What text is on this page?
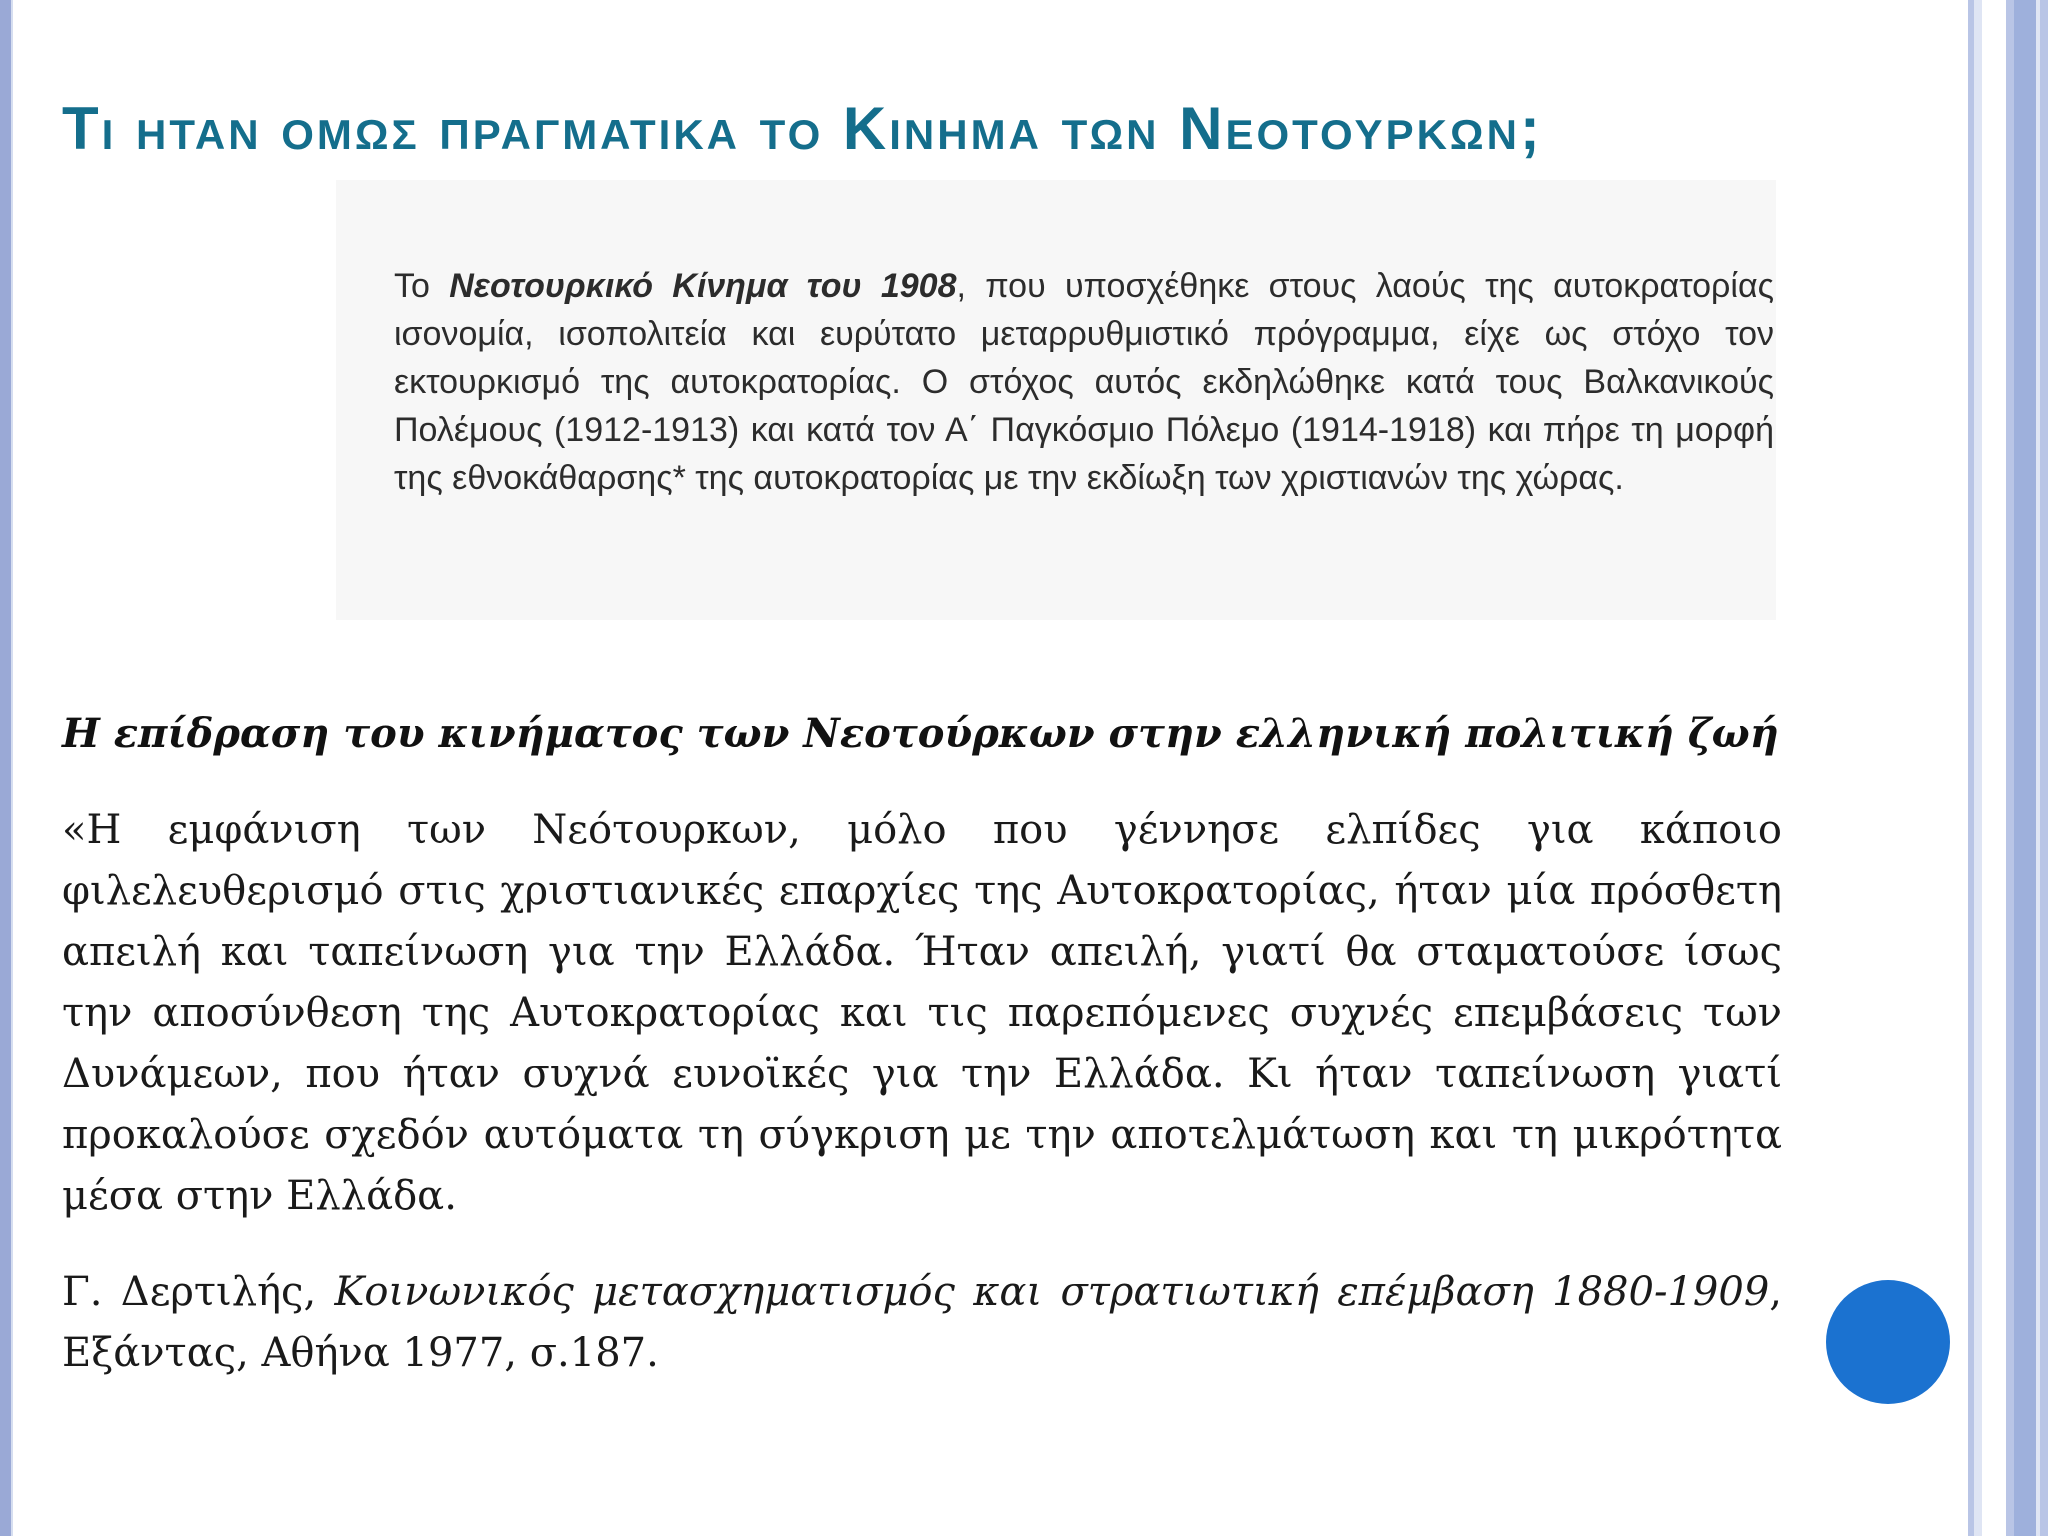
Τι ηταν ομως πραγματικα το Κινημα των Νεοτουρκων;
Το Νεοτουρκικό Κίνημα του 1908, που υποσχέθηκε στους λαούς της αυτοκρατορίας ισονομία, ισοπολιτεία και ευρύτατο μεταρρυθμιστικό πρόγραμμα, είχε ως στόχο τον εκτουρκισμό της αυτοκρατορίας. Ο στόχος αυτός εκδηλώθηκε κατά τους Βαλκανικούς Πολέμους (1912-1913) και κατά τον Α΄ Παγκόσμιο Πόλεμο (1914-1918) και πήρε τη μορφή της εθνοκάθαρσης* της αυτοκρατορίας με την εκδίωξη των χριστιανών της χώρας.
Η επίδραση του κινήματος των Νεοτούρκων στην ελληνική πολιτική ζωή

«Η εμφάνιση των Νεότουρκων, μόλο που γέννησε ελπίδες για κάποιο φιλελευθερισμό στις χριστιανικές επαρχίες της Αυτοκρατορίας, ήταν μία πρόσθετη απειλή και ταπείνωση για την Ελλάδα. Ήταν απειλή, γιατί θα σταματούσε ίσως την αποσύνθεση της Αυτοκρατορίας και τις παρεπόμενες συχνές επεμβάσεις των Δυνάμεων, που ήταν συχνά ευνοϊκές για την Ελλάδα. Κι ήταν ταπείνωση γιατί προκαλούσε σχεδόν αυτόματα τη σύγκριση με την αποτελμάτωση και τη μικρότητα μέσα στην Ελλάδα.

Γ. Δερτιλής, Κοινωνικός μετασχηματισμός και στρατιωτική επέμβαση 1880-1909, Εξάντας, Αθήνα 1977, σ.187.
